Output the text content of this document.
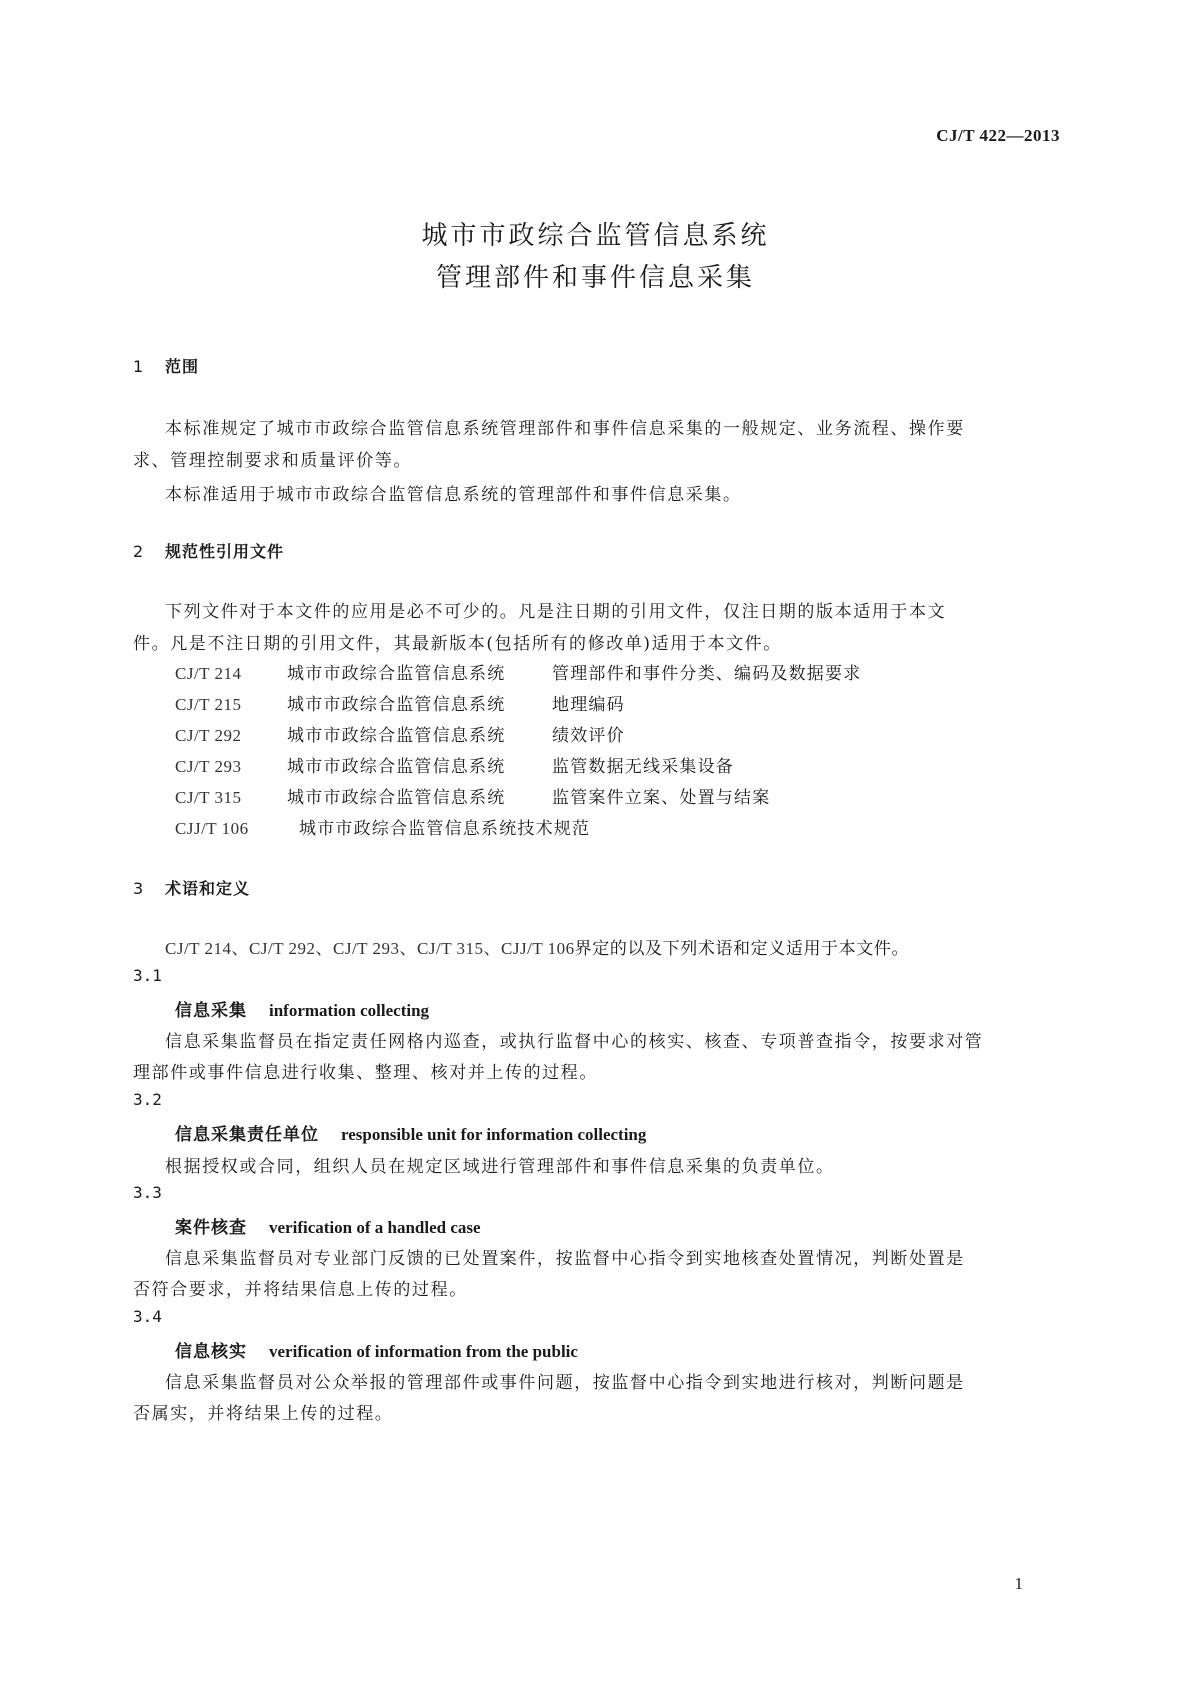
CJ/T 422—2013
城市市政综合监管信息系统
管理部件和事件信息采集
1 范围
本标准规定了城市市政综合监管信息系统管理部件和事件信息采集的一般规定、业务流程、操作要
求、管理控制要求和质量评价等。
本标准适用于城市市政综合监管信息系统的管理部件和事件信息采集。
2 规范性引用文件
下列文件对于本文件的应用是必不可少的。凡是注日期的引用文件，仅注日期的版本适用于本文
件。凡是不注日期的引用文件，其最新版本(包括所有的修改单)适用于本文件。
CJ/T 214	城市市政综合监管信息系统	管理部件和事件分类、编码及数据要求
CJ/T 215	城市市政综合监管信息系统	地理编码
CJ/T 292	城市市政综合监管信息系统	绩效评价
CJ/T 293	城市市政综合监管信息系统	监管数据无线采集设备
CJ/T 315	城市市政综合监管信息系统	监管案件立案、处置与结案
CJJ/T 106	城市市政综合监管信息系统技术规范
3 术语和定义
CJ/T 214、CJ/T 292、CJ/T 293、CJ/T 315、CJJ/T 106界定的以及下列术语和定义适用于本文件。
3.1
信息采集 information collecting
信息采集监督员在指定责任网格内巡查，或执行监督中心的核实、核查、专项普查指令，按要求对管
理部件或事件信息进行收集、整理、核对并上传的过程。
3.2
信息采集责任单位 responsible unit for information collecting
根据授权或合同，组织人员在规定区域进行管理部件和事件信息采集的负责单位。
3.3
案件核查 verification of a handled case
信息采集监督员对专业部门反馈的已处置案件，按监督中心指令到实地核查处置情况，判断处置是
否符合要求，并将结果信息上传的过程。
3.4
信息核实 verification of information from the public
信息采集监督员对公众举报的管理部件或事件问题，按监督中心指令到实地进行核对，判断问题是
否属实，并将结果上传的过程。
1
